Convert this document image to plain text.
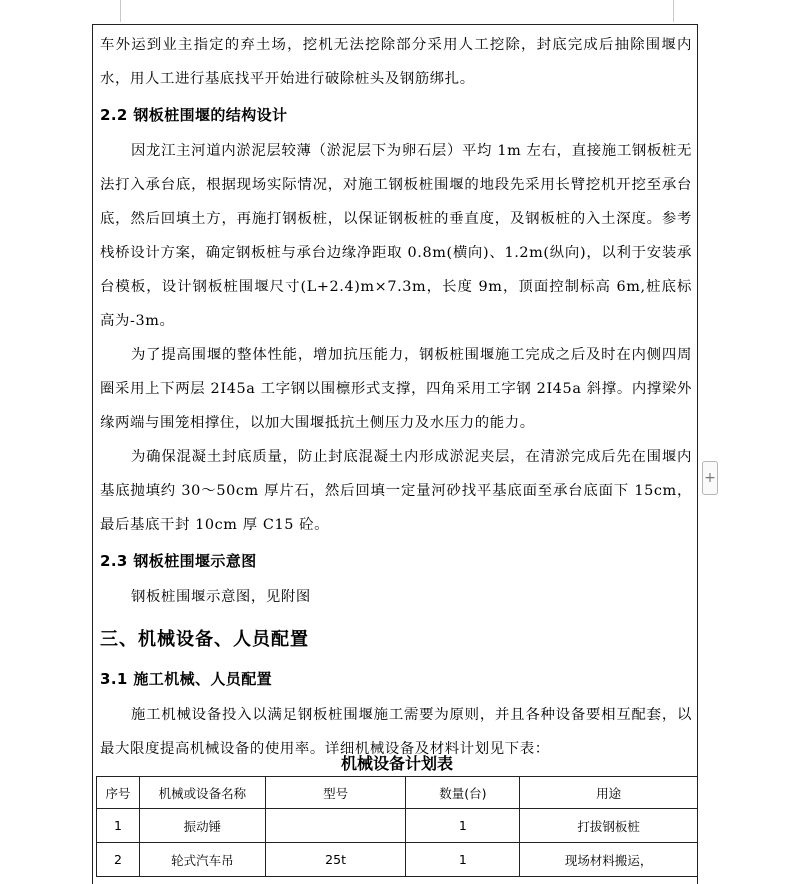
车外运到业主指定的弃土场，挖机无法挖除部分采用人工挖除，封底完成后抽除围堰内水，用人工进行基底找平开始进行破除桩头及钢筋绑扎。

2.2 钢板桩围堰的结构设计

因龙江主河道内淤泥层较薄（淤泥层下为卵石层）平均 1m 左右，直接施工钢板桩无法打入承台底，根据现场实际情况，对施工钢板桩围堰的地段先采用长臂挖机开挖至承台底，然后回填土方，再施打钢板桩，以保证钢板桩的垂直度，及钢板桩的入土深度。参考栈桥设计方案，确定钢板桩与承台边缘净距取 0.8m(横向)、1.2m(纵向)，以利于安装承台模板，设计钢板桩围堰尺寸(L+2.4)m×7.3m，长度 9m，顶面控制标高 6m,桩底标高为-3m。

为了提高围堰的整体性能，增加抗压能力，钢板桩围堰施工完成之后及时在内侧四周圈采用上下两层 2Ⅰ45a 工字钢以围檩形式支撑，四角采用工字钢 2Ⅰ45a 斜撑。内撑梁外缘两端与围笼相撑住，以加大围堰抵抗土侧压力及水压力的能力。

为确保混凝土封底质量，防止封底混凝土内形成淤泥夹层，在清淤完成后先在围堰内基底抛填约 30～50cm 厚片石，然后回填一定量河砂找平基底面至承台底面下 15cm，最后基底干封 10cm 厚 C15 砼。

2.3 钢板桩围堰示意图

钢板桩围堰示意图，见附图

三、机械设备、人员配置
3.1 施工机械、人员配置

施工机械设备投入以满足钢板桩围堰施工需要为原则，并且各种设备要相互配套，以最大限度提高机械设备的使用率。详细机械设备及材料计划见下表：

机械设备计划表
序号	机械或设备名称	型号	数量(台)	用途
1	振动锤		1	打拔钢板桩
2	轮式汽车吊	25t	1	现场材料搬运，
+
